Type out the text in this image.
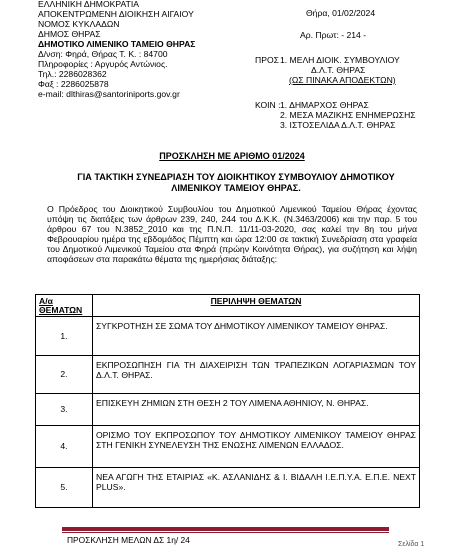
ΕΛΛΗΝΙΚΗ ΔΗΜΟΚΡΑΤΙΑ
ΑΠΟΚΕΝΤΡΩΜΕΝΗ ΔΙΟΙΚΗΣΗ ΑΙΓΑΙΟΥ
ΝΟΜΟΣ ΚΥΚΛΑΔΩΝ
ΔΗΜΟΣ ΘΗΡΑΣ
ΔΗΜΟΤΙΚΟ ΛΙΜΕΝΙΚΟ ΤΑΜΕΙΟ ΘΗΡΑΣ
Δ/νση: Φηρά, Θήρας Τ. Κ. : 84700
Πληροφορίες : Αργυρός Αντώνιος.
Τηλ.: 2286028362
Φαξ : 2286025878
e-mail: dlthiras@santoriniports.gov.gr
Θήρα, 01/02/2024
Αρ. Πρωτ: - 214 -
ΠΡΟΣ :
1. ΜΕΛΗ ΔΙΟΙΚ. ΣΥΜΒΟΥΛΙΟΥ
Δ.Λ.Τ. ΘΗΡΑΣ
(ΩΣ ΠΙΝΑΚΑ ΑΠΟΔΕΚΤΩΝ)
ΚΟΙΝ : 1. ΔΗΜΑΡΧΟΣ ΘΗΡΑΣ
2. ΜΕΣΑ ΜΑΖΙΚΗΣ ΕΝΗΜΕΡΩΣΗΣ
3. ΙΣΤΟΣΕΛΙΔΑ Δ.Λ.Τ. ΘΗΡΑΣ
ΠΡΟΣΚΛΗΣΗ ΜΕ ΑΡΙΘΜΟ 01/2024
ΓΙΑ ΤΑΚΤΙΚΗ ΣΥΝΕΔΡΙΑΣΗ ΤΟΥ ΔΙΟΙΚΗΤΙΚΟΥ ΣΥΜΒΟΥΛΙΟΥ ΔΗΜΟΤΙΚΟΥ ΛΙΜΕΝΙΚΟΥ ΤΑΜΕΙΟΥ ΘΗΡΑΣ.
Ο Πρόεδρος του Διοικητικού Συμβουλίου του Δημοτικού Λιμενικού Ταμείου Θήρας έχοντας υπόψη τις διατάξεις των άρθρων 239, 240, 244 του Δ.Κ.Κ. (Ν.3463/2006) και την παρ. 5 του άρθρου 67 του Ν.3852_2010 και της Π.Ν.Π. 11/11-03-2020, σας καλεί την 8η του μήνα Φεβρουαρίου ημέρα της εβδομάδος Πέμπτη και ώρα 12:00 σε τακτική Συνεδρίαση στα γραφεία του Δημοτικού Λιμενικού Ταμείου στα Φηρά (πρώην Κοινότητα Θήρας), για συζήτηση και λήψη αποφάσεων στα παρακάτω θέματα της ημερήσιας διάταξης:
Α/α ΘΕΜΑΤΩΝ	ΠΕΡΙΛΗΨΗ ΘΕΜΑΤΩΝ
1.	ΣΥΓΚΡΟΤΗΣΗ ΣΕ ΣΩΜΑ ΤΟΥ ΔΗΜΟΤΙΚΟΥ ΛΙΜΕΝΙΚΟΥ ΤΑΜΕΙΟΥ ΘΗΡΑΣ.
2.	ΕΚΠΡΟΣΩΠΗΣΗ ΓΙΑ ΤΗ ΔΙΑΧΕΙΡΙΣΗ ΤΩΝ ΤΡΑΠΕΖΙΚΩΝ ΛΟΓΑΡΙΑΣΜΩΝ ΤΟΥ Δ.Λ.Τ. ΘΗΡΑΣ.
3.	ΕΠΙΣΚΕΥΗ ΖΗΜΙΩΝ ΣΤΗ ΘΕΣΗ 2 ΤΟΥ ΛΙΜΕΝΑ ΑΘΗΝΙΟΥ, Ν. ΘΗΡΑΣ.
4.	ΟΡΙΣΜΟ ΤΟΥ ΕΚΠΡΟΣΩΠΟΥ ΤΟΥ ΔΗΜΟΤΙΚΟΥ ΛΙΜΕΝΙΚΟΥ ΤΑΜΕΙΟΥ ΘΗΡΑΣ ΣΤΗ ΓΕΝΙΚΗ ΣΥΝΕΛΕΥΣΗ ΤΗΣ ΕΝΩΣΗΣ ΛΙΜΕΝΩΝ ΕΛΛΑΔΟΣ.
5.	ΝΕΑ ΑΓΩΓΗ ΤΗΣ ΕΤΑΙΡΙΑΣ «Κ. ΑΣΛΑΝΙΔΗΣ & Ι. ΒΙΔΑΛΗ Ι.Ε.Π.Υ.Α. Ε.Π.Ε. NEXT PLUS».
ΠΡΟΣΚΛΗΣΗ ΜΕΛΩΝ ΔΣ 1η/ 24	Σελίδα 1
